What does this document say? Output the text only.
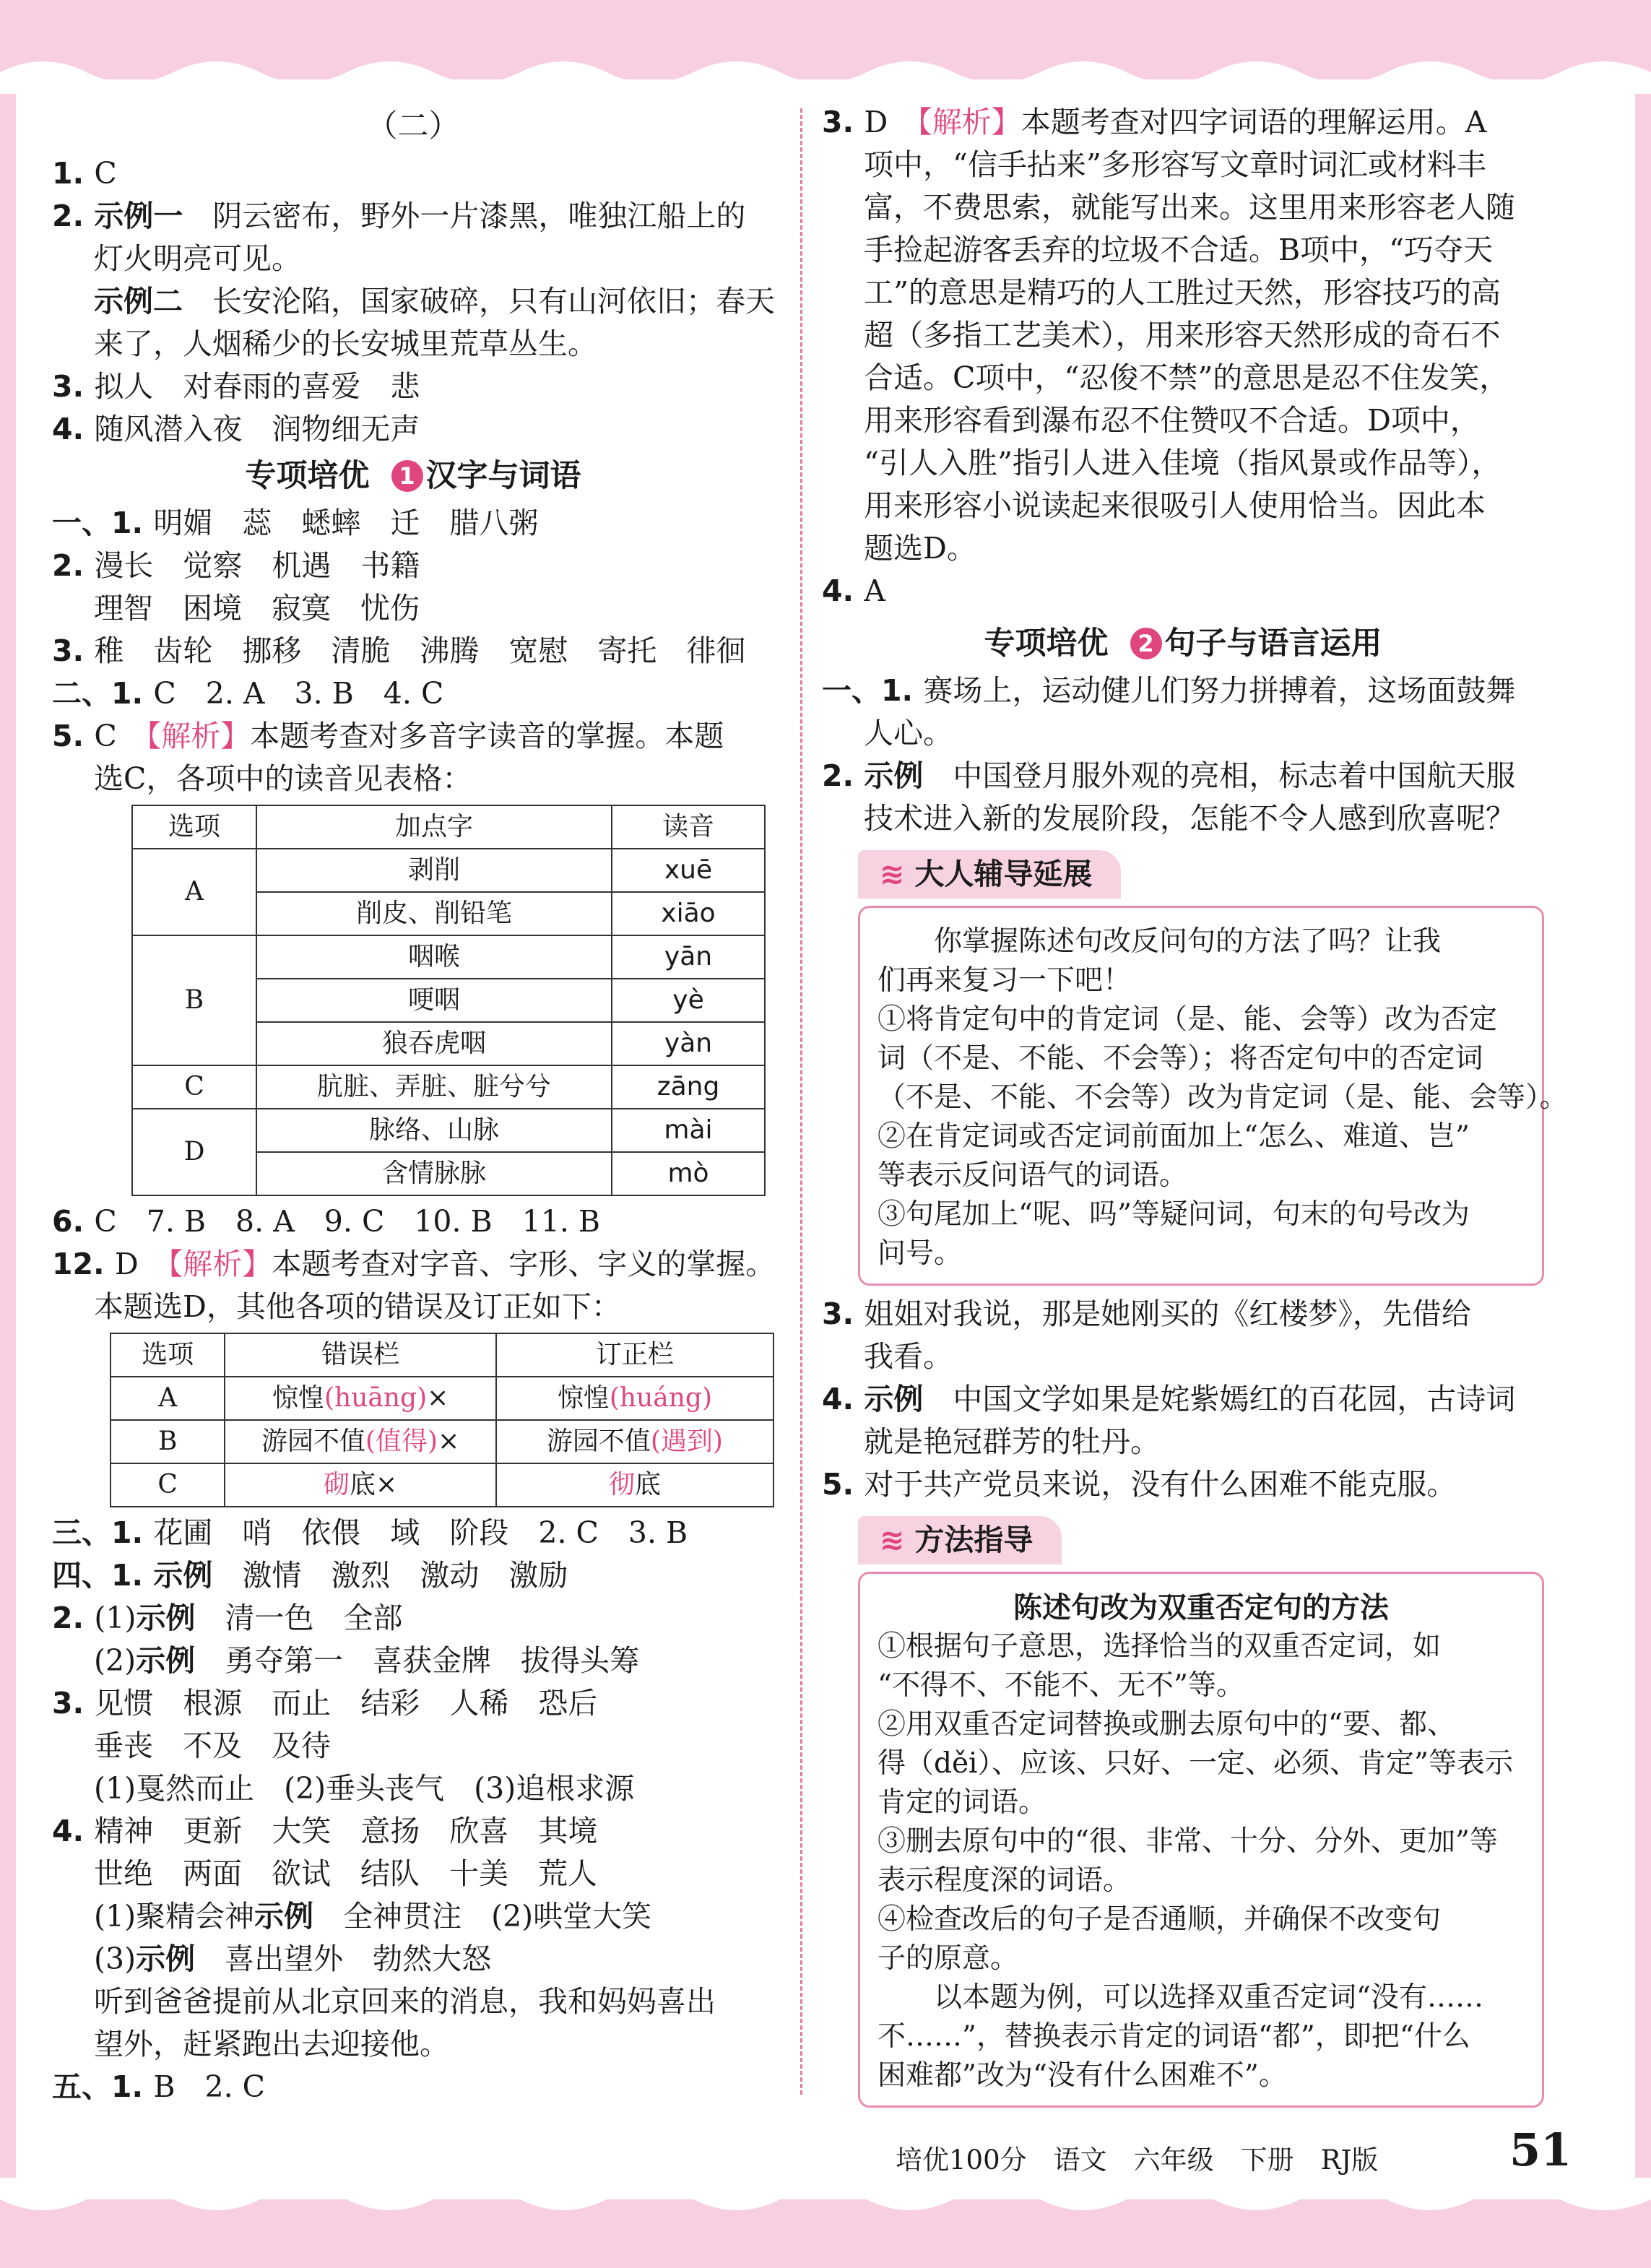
（二）
1. C
2. 示例一　阴云密布，野外一片漆黑，唯独江船上的
灯火明亮可见。
示例二　长安沦陷，国家破碎，只有山河依旧；春天
来了，人烟稀少的长安城里荒草丛生。
3. 拟人　对春雨的喜爱　悲
4. 随风潜入夜　润物细无声
专项培优 1 汉字与词语
一、1. 明媚　蕊　蟋蟀　迁　腊八粥
2. 漫长　觉察　机遇　书籍
理智　困境　寂寞　忧伤
3. 稚　齿轮　挪移　清脆　沸腾　宽慰　寄托　徘徊
二、1. C　2. A　3. B　4. C
5. C　【解析】本题考查对多音字读音的掌握。本题
选C，各项中的读音见表格：
选项	加点字	读音
A	剥削	xuē
	削皮、削铅笔	xiāo
B	咽喉	yān
	哽咽	yè
	狼吞虎咽	yàn
C	肮脏、弄脏、脏兮兮	zāng
D	脉络、山脉	mài
	含情脉脉	mò
6. C　7. B　8. A　9. C　10. B　11. B
12. D　【解析】本题考查对字音、字形、字义的掌握。
本题选D，其他各项的错误及订正如下：
选项	错误栏	订正栏
A	惊惶(huāng)×	惊惶(huáng)
B	游园不值(值得)×	游园不值(遇到)
C	砌底×	彻底
三、1. 花圃　哨　依偎　域　阶段　2. C　3. B
四、1. 示例　激情　激烈　激动　激励
2. (1)示例　清一色　全部
(2)示例　勇夺第一　喜获金牌　拔得头筹
3. 见惯　根源　而止　结彩　人稀　恐后
垂丧　不及　及待
(1)戛然而止　(2)垂头丧气　(3)追根求源
4. 精神　更新　大笑　意扬　欣喜　其境
世绝　两面　欲试　结队　十美　荒人
(1)聚精会神示例　全神贯注　(2)哄堂大笑
(3)示例　喜出望外　勃然大怒
听到爸爸提前从北京回来的消息，我和妈妈喜出
望外，赶紧跑出去迎接他。
五、1. B　2. C
3. D　【解析】本题考查对四字词语的理解运用。A
项中，“信手拈来”多形容写文章时词汇或材料丰
富，不费思索，就能写出来。这里用来形容老人随
手捡起游客丢弃的垃圾不合适。B项中，“巧夺天
工”的意思是精巧的人工胜过天然，形容技巧的高
超（多指工艺美术），用来形容天然形成的奇石不
合适。C项中，“忍俊不禁”的意思是忍不住发笑，
用来形容看到瀑布忍不住赞叹不合适。D项中，
“引人入胜”指引人进入佳境（指风景或作品等），
用来形容小说读起来很吸引人使用恰当。因此本
题选D。
4. A
专项培优 2 句子与语言运用
一、1. 赛场上，运动健儿们努力拼搏着，这场面鼓舞
人心。
2. 示例　中国登月服外观的亮相，标志着中国航天服
技术进入新的发展阶段，怎能不令人感到欣喜呢？
≋ 大人辅导延展
　　你掌握陈述句改反问句的方法了吗？让我
们再来复习一下吧！
①将肯定句中的肯定词（是、能、会等）改为否定
词（不是、不能、不会等）；将否定句中的否定词
（不是、不能、不会等）改为肯定词（是、能、会等）。
②在肯定词或否定词前面加上“怎么、难道、岂”
等表示反问语气的词语。
③句尾加上“呢、吗”等疑问词，句末的句号改为
问号。
3. 姐姐对我说，那是她刚买的《红楼梦》，先借给
我看。
4. 示例　中国文学如果是姹紫嫣红的百花园，古诗词
就是艳冠群芳的牡丹。
5. 对于共产党员来说，没有什么困难不能克服。
≋ 方法指导
陈述句改为双重否定句的方法
①根据句子意思，选择恰当的双重否定词，如
“不得不、不能不、无不”等。
②用双重否定词替换或删去原句中的“要、都、
得（děi）、应该、只好、一定、必须、肯定”等表示
肯定的词语。
③删去原句中的“很、非常、十分、分外、更加”等
表示程度深的词语。
④检查改后的句子是否通顺，并确保不改变句
子的原意。
　　以本题为例，可以选择双重否定词“没有……
不……”，替换表示肯定的词语“都”，即把“什么
困难都”改为“没有什么困难不”。
培优100分　语文　六年级　下册　RJ版	51
